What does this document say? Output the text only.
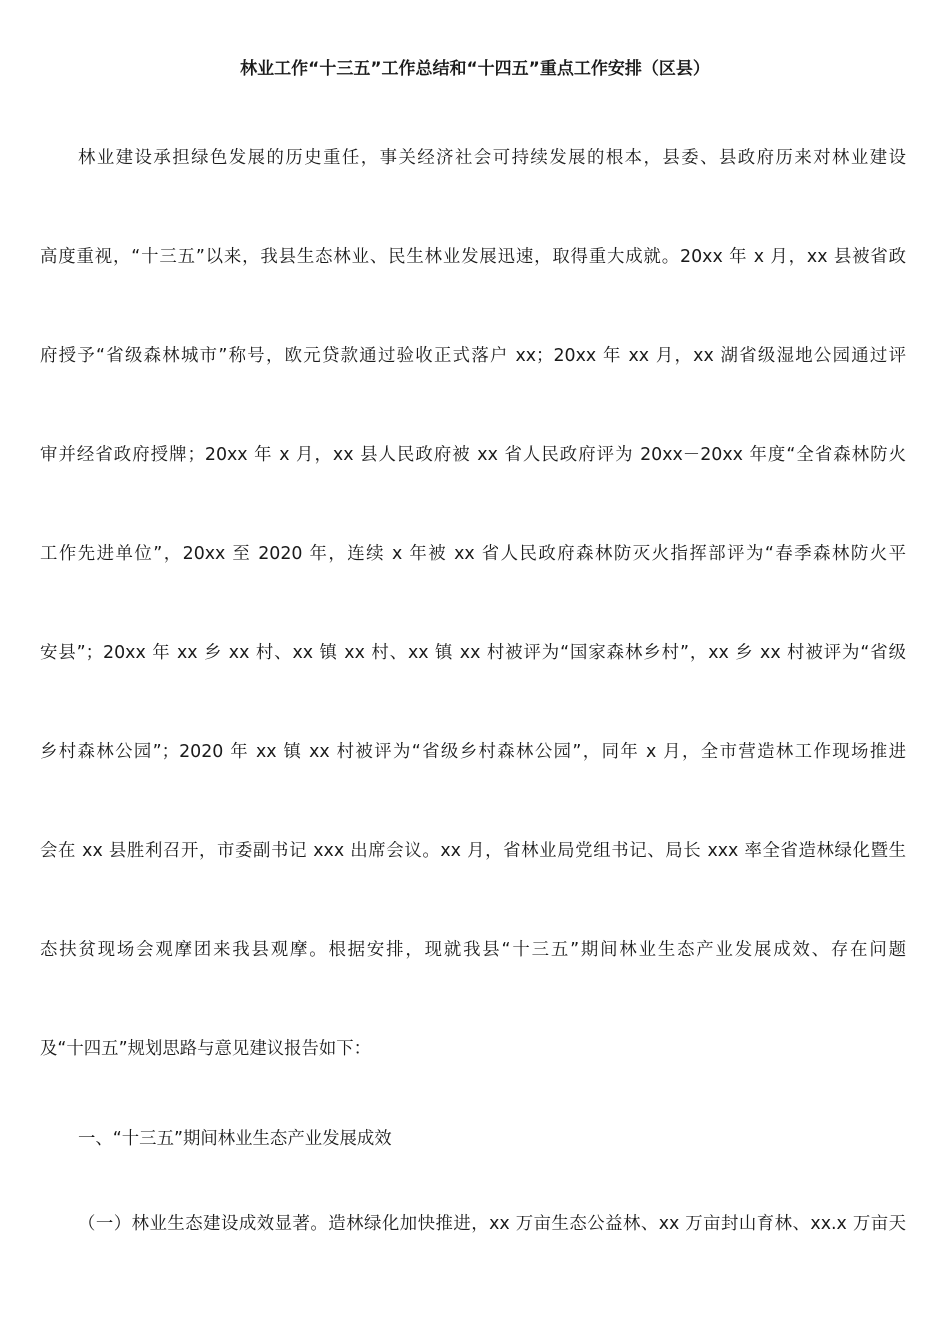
林业工作“十三五”工作总结和“十四五”重点工作安排（区县）
林业建设承担绿色发展的历史重任，事关经济社会可持续发展的根本，县委、县政府历来对林业建设
高度重视，“十三五”以来，我县生态林业、民生林业发展迅速，取得重大成就。20xx 年 x 月，xx 县被省政
府授予“省级森林城市”称号，欧元贷款通过验收正式落户 xx；20xx 年 xx 月，xx 湖省级湿地公园通过评
审并经省政府授牌；20xx 年 x 月，xx 县人民政府被 xx 省人民政府评为 20xx－20xx 年度“全省森林防火
工作先进单位”，20xx 至 2020 年，连续 x 年被 xx 省人民政府森林防灭火指挥部评为“春季森林防火平
安县”；20xx 年 xx 乡 xx 村、xx 镇 xx 村、xx 镇 xx 村被评为“国家森林乡村”，xx 乡 xx 村被评为“省级
乡村森林公园”；2020 年 xx 镇 xx 村被评为“省级乡村森林公园”，同年 x 月，全市营造林工作现场推进
会在 xx 县胜利召开，市委副书记 xxx 出席会议。xx 月，省林业局党组书记、局长 xxx 率全省造林绿化暨生
态扶贫现场会观摩团来我县观摩。根据安排，现就我县“十三五”期间林业生态产业发展成效、存在问题
及“十四五”规划思路与意见建议报告如下：
一、“十三五”期间林业生态产业发展成效
（一）林业生态建设成效显著。造林绿化加快推进，xx 万亩生态公益林、xx 万亩封山育林、xx.x 万亩天
